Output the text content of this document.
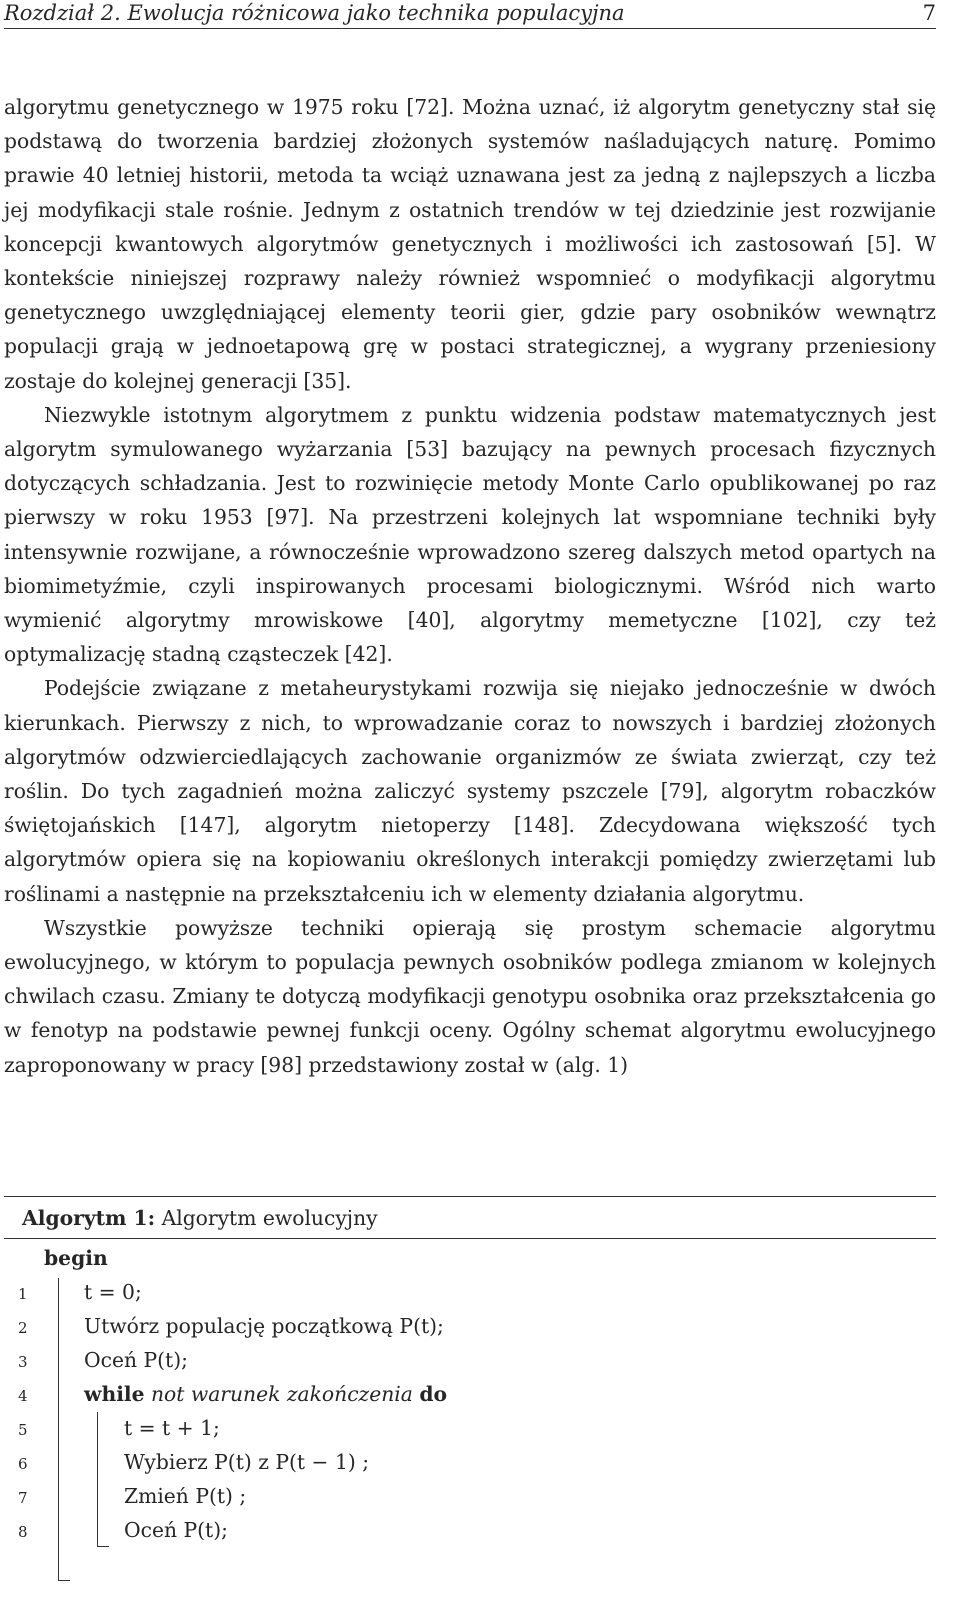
Rozdział 2. Ewolucja różnicowa jako technika populacyjna	7

algorytmu genetycznego w 1975 roku [72]. Można uznać, iż algorytm genetyczny stał się podstawą do tworzenia bardziej złożonych systemów naśladujących naturę. Pomimo prawie 40 letniej historii, metoda ta wciąż uznawana jest za jedną z najlepszych a liczba jej modyfikacji stale rośnie. Jednym z ostatnich trendów w tej dziedzinie jest rozwijanie koncepcji kwantowych algorytmów genetycznych i możliwości ich zastosowań [5]. W kontekście niniejszej rozprawy należy również wspomnieć o modyfikacji algorytmu genetycznego uwzględniającej elementy teorii gier, gdzie pary osobników wewnątrz populacji grają w jednoetapową grę w postaci strategicznej, a wygrany przeniesiony zostaje do kolejnej generacji [35].

Niezwykle istotnym algorytmem z punktu widzenia podstaw matematycznych jest algorytm symulowanego wyżarzania [53] bazujący na pewnych procesach fizycznych dotyczących schładzania. Jest to rozwinięcie metody Monte Carlo opublikowanej po raz pierwszy w roku 1953 [97]. Na przestrzeni kolejnych lat wspomniane techniki były intensywnie rozwijane, a równocześnie wprowadzono szereg dalszych metod opartych na biomimetyźmie, czyli inspirowanych procesami biologicznymi. Wśród nich warto wymienić algorytmy mrowiskowe [40], algorytmy memetyczne [102], czy też optymalizację stadną cząsteczek [42].

Podejście związane z metaheurystykami rozwija się niejako jednocześnie w dwóch kierunkach. Pierwszy z nich, to wprowadzanie coraz to nowszych i bardziej złożonych algorytmów odzwierciedlających zachowanie organizmów ze świata zwierząt, czy też roślin. Do tych zagadnień można zaliczyć systemy pszczele [79], algorytm robaczków świętojańskich [147], algorytm nietoperzy [148]. Zdecydowana większość tych algorytmów opiera się na kopiowaniu określonych interakcji pomiędzy zwierzętami lub roślinami a następnie na przekształceniu ich w elementy działania algorytmu.

Wszystkie powyższe techniki opierają się prostym schemacie algorytmu ewolucyjnego, w którym to populacja pewnych osobników podlega zmianom w kolejnych chwilach czasu. Zmiany te dotyczą modyfikacji genotypu osobnika oraz przekształcenia go w fenotyp na podstawie pewnej funkcji oceny. Ogólny schemat algorytmu ewolucyjnego zaproponowany w pracy [98] przedstawiony został w (alg. 1)

Algorytm 1: Algorytm ewolucyjny
begin
1
2
3
4
5
6
7
8
t = 0;
Utwórz populację początkową P(t);
Oceń P(t);
while not warunek zakończenia do
t = t + 1;
Wybierz P(t) z P(t − 1) ;
Zmień P(t) ;
Oceń P(t);
